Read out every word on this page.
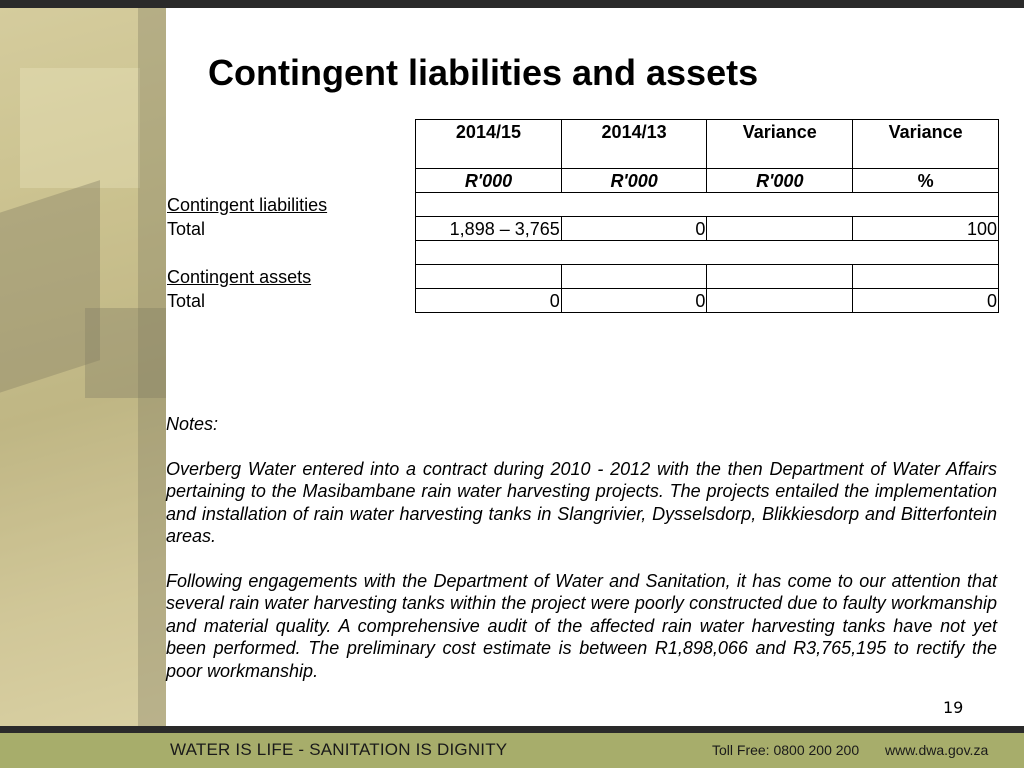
Contingent liabilities and assets
	2014/15	2014/13	Variance	Variance
	R'000	R'000	R'000	%
Contingent liabilities				
Total	1,898 – 3,765	0		100

Contingent assets				
Total	0	0		0

Notes:

Overberg Water entered into a contract during 2010 - 2012 with the then Department of Water Affairs pertaining to the Masibambane rain water harvesting projects. The projects entailed the implementation and installation of rain water harvesting tanks in Slangrivier, Dysselsdorp, Blikkiesdorp and Bitterfontein areas.

Following engagements with the Department of Water and Sanitation, it has come to our attention that several rain water harvesting tanks within the project were poorly constructed due to faulty workmanship and material quality. A comprehensive audit of the affected rain water harvesting tanks have not yet been performed. The preliminary cost estimate is between R1,898,066 and R3,765,195 to rectify the poor workmanship.

19
WATER IS LIFE - SANITATION IS DIGNITY	Toll Free: 0800 200 200 www.dwa.gov.za
